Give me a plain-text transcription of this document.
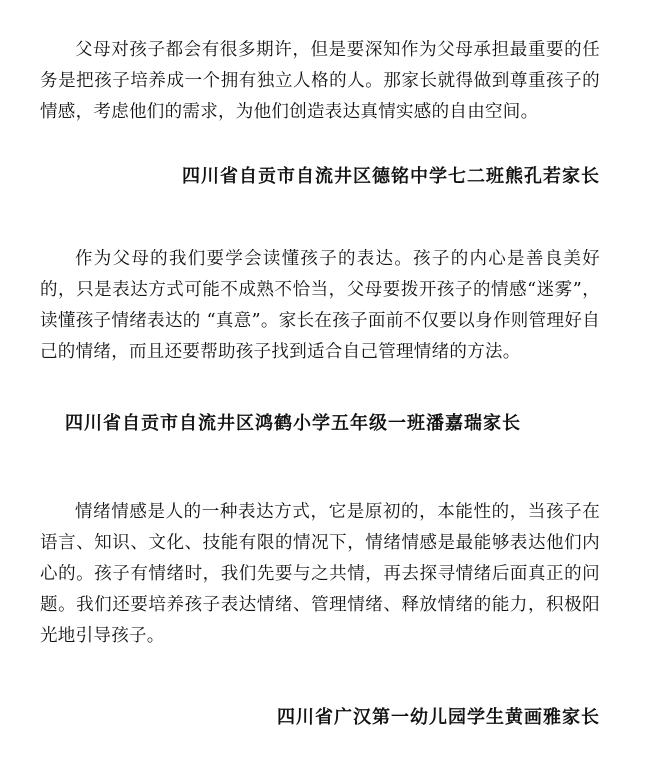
父母对孩子都会有很多期许，但是要深知作为父母承担最重要的任务是把孩子培养成一个拥有独立人格的人。那家长就得做到尊重孩子的情感，考虑他们的需求，为他们创造表达真情实感的自由空间。

四川省自贡市自流井区德铭中学七二班熊孔若家长

作为父母的我们要学会读懂孩子的表达。孩子的内心是善良美好的，只是表达方式可能不成熟不恰当，父母要拨开孩子的情感“迷雾”，读懂孩子情绪表达的 “真意”。家长在孩子面前不仅要以身作则管理好自己的情绪，而且还要帮助孩子找到适合自己管理情绪的方法。

四川省自贡市自流井区鸿鹤小学五年级一班潘嘉瑞家长

情绪情感是人的一种表达方式，它是原初的，本能性的，当孩子在语言、知识、文化、技能有限的情况下，情绪情感是最能够表达他们内心的。孩子有情绪时，我们先要与之共情，再去探寻情绪后面真正的问题。我们还要培养孩子表达情绪、管理情绪、释放情绪的能力，积极阳光地引导孩子。

四川省广汉第一幼儿园学生黄画雅家长
